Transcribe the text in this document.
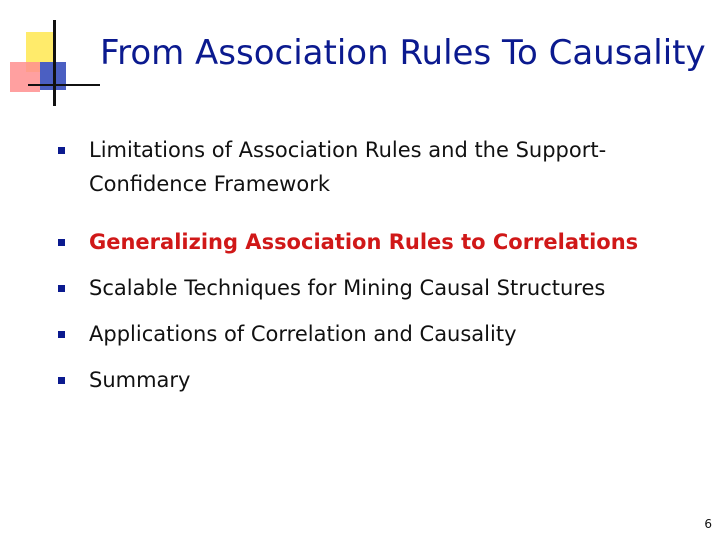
From Association Rules To Causality
Limitations of Association Rules and the Support-Confidence Framework
Generalizing Association Rules to Correlations
Scalable Techniques for Mining Causal Structures
Applications of Correlation and Causality
Summary
6
